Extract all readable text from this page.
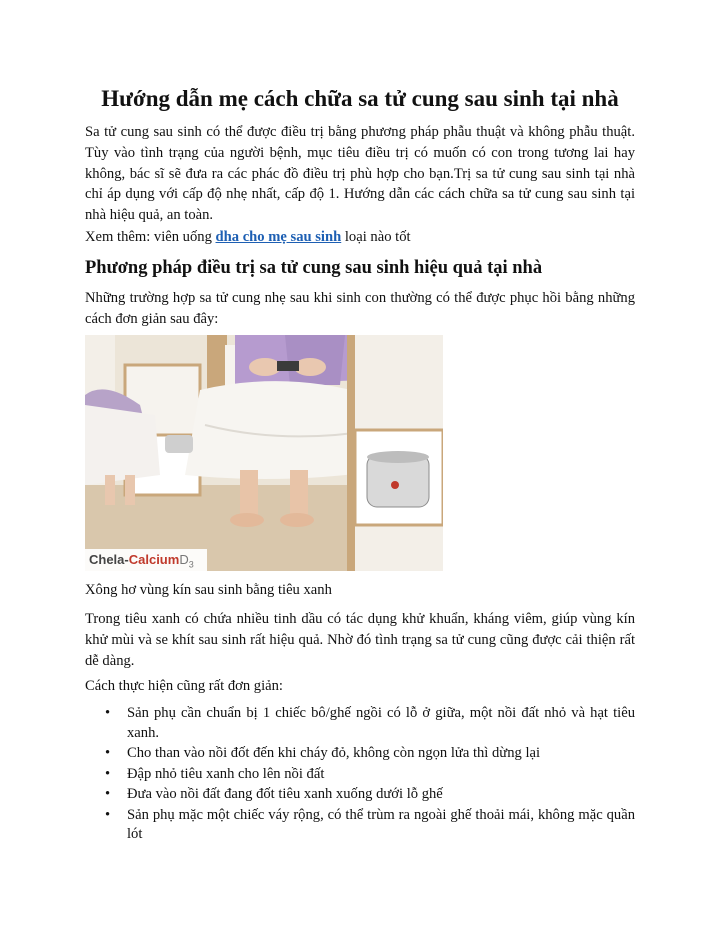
Hướng dẫn mẹ cách chữa sa tử cung sau sinh tại nhà

Sa tử cung sau sinh có thể được điều trị bằng phương pháp phẫu thuật và không phẫu thuật. Tùy vào tình trạng của người bệnh, mục tiêu điều trị có muốn có con trong tương lai hay không, bác sĩ sẽ đưa ra các phác đồ điều trị phù hợp cho bạn.Trị sa tử cung sau sinh tại nhà chỉ áp dụng với cấp độ nhẹ nhất, cấp độ 1. Hướng dẫn các cách chữa sa tử cung sau sinh tại nhà hiệu quả, an toàn.

Xem thêm: viên uống dha cho mẹ sau sinh loại nào tốt

Phương pháp điều trị sa tử cung sau sinh hiệu quả tại nhà

Những trường hợp sa tử cung nhẹ sau khi sinh con thường có thể được phục hồi bằng những cách đơn giản sau đây:

Chela-CalciumD$_3$

Xông hơ vùng kín sau sinh bằng tiêu xanh

Trong tiêu xanh có chứa nhiều tinh dầu có tác dụng khử khuẩn, kháng viêm, giúp vùng kín khử mùi và se khít sau sinh rất hiệu quả. Nhờ đó tình trạng sa tử cung cũng được cải thiện rất dễ dàng.

Cách thực hiện cũng rất đơn giản:

• Sản phụ cần chuẩn bị 1 chiếc bô/ghế ngồi có lỗ ở giữa, một nồi đất nhỏ và hạt tiêu xanh.
• Cho than vào nồi đốt đến khi cháy đỏ, không còn ngọn lửa thì dừng lại
• Đập nhỏ tiêu xanh cho lên nồi đất
• Đưa vào nồi đất đang đốt tiêu xanh xuống dưới lỗ ghế
• Sản phụ mặc một chiếc váy rộng, có thể trùm ra ngoài ghế thoải mái, không mặc quần lót
